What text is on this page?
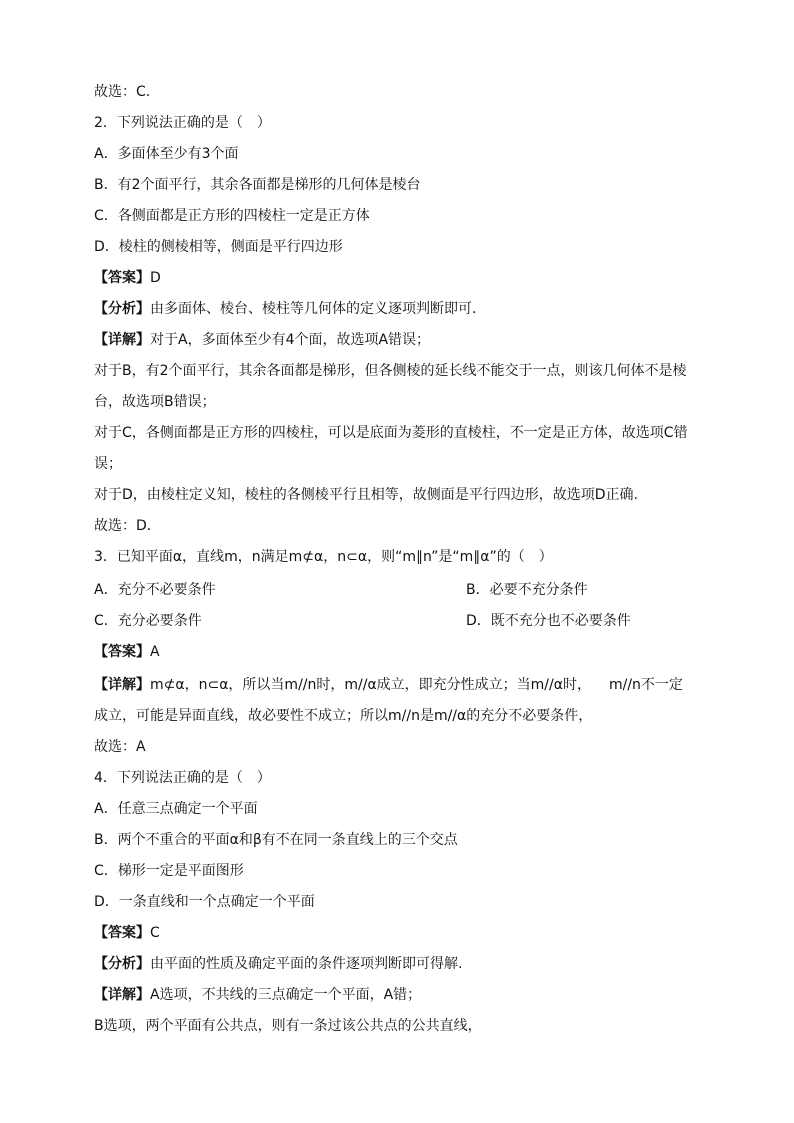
故选：C.
2．下列说法正确的是（　）
A．多面体至少有3个面
B．有2个面平行，其余各面都是梯形的几何体是棱台
C．各侧面都是正方形的四棱柱一定是正方体
D．棱柱的侧棱相等，侧面是平行四边形
【答案】D
【分析】由多面体、棱台、棱柱等几何体的定义逐项判断即可．
【详解】对于A，多面体至少有4个面，故选项A错误；
对于B，有2个面平行，其余各面都是梯形，但各侧棱的延长线不能交于一点，则该几何体不是棱
台，故选项B错误；
对于C，各侧面都是正方形的四棱柱，可以是底面为菱形的直棱柱，不一定是正方体，故选项C错
误；
对于D，由棱柱定义知，棱柱的各侧棱平行且相等，故侧面是平行四边形，故选项D正确.
故选：D．
3．已知平面α，直线m，n满足m⊄α，n⊂α，则“m∥n”是“m∥α”的（　）
A．充分不必要条件	B．必要不充分条件
C．充分必要条件	D．既不充分也不必要条件
【答案】A
【详解】m⊄α，n⊂α，所以当m//n时，m//α成立，即充分性成立；当m//α时， m//n不一定
成立，可能是异面直线，故必要性不成立；所以m//n是m//α的充分不必要条件，
故选：A
4．下列说法正确的是（　）
A．任意三点确定一个平面
B．两个不重合的平面α和β有不在同一条直线上的三个交点
C．梯形一定是平面图形
D．一条直线和一个点确定一个平面
【答案】C
【分析】由平面的性质及确定平面的条件逐项判断即可得解.
【详解】A选项，不共线的三点确定一个平面，A错；
B选项，两个平面有公共点，则有一条过该公共点的公共直线，
